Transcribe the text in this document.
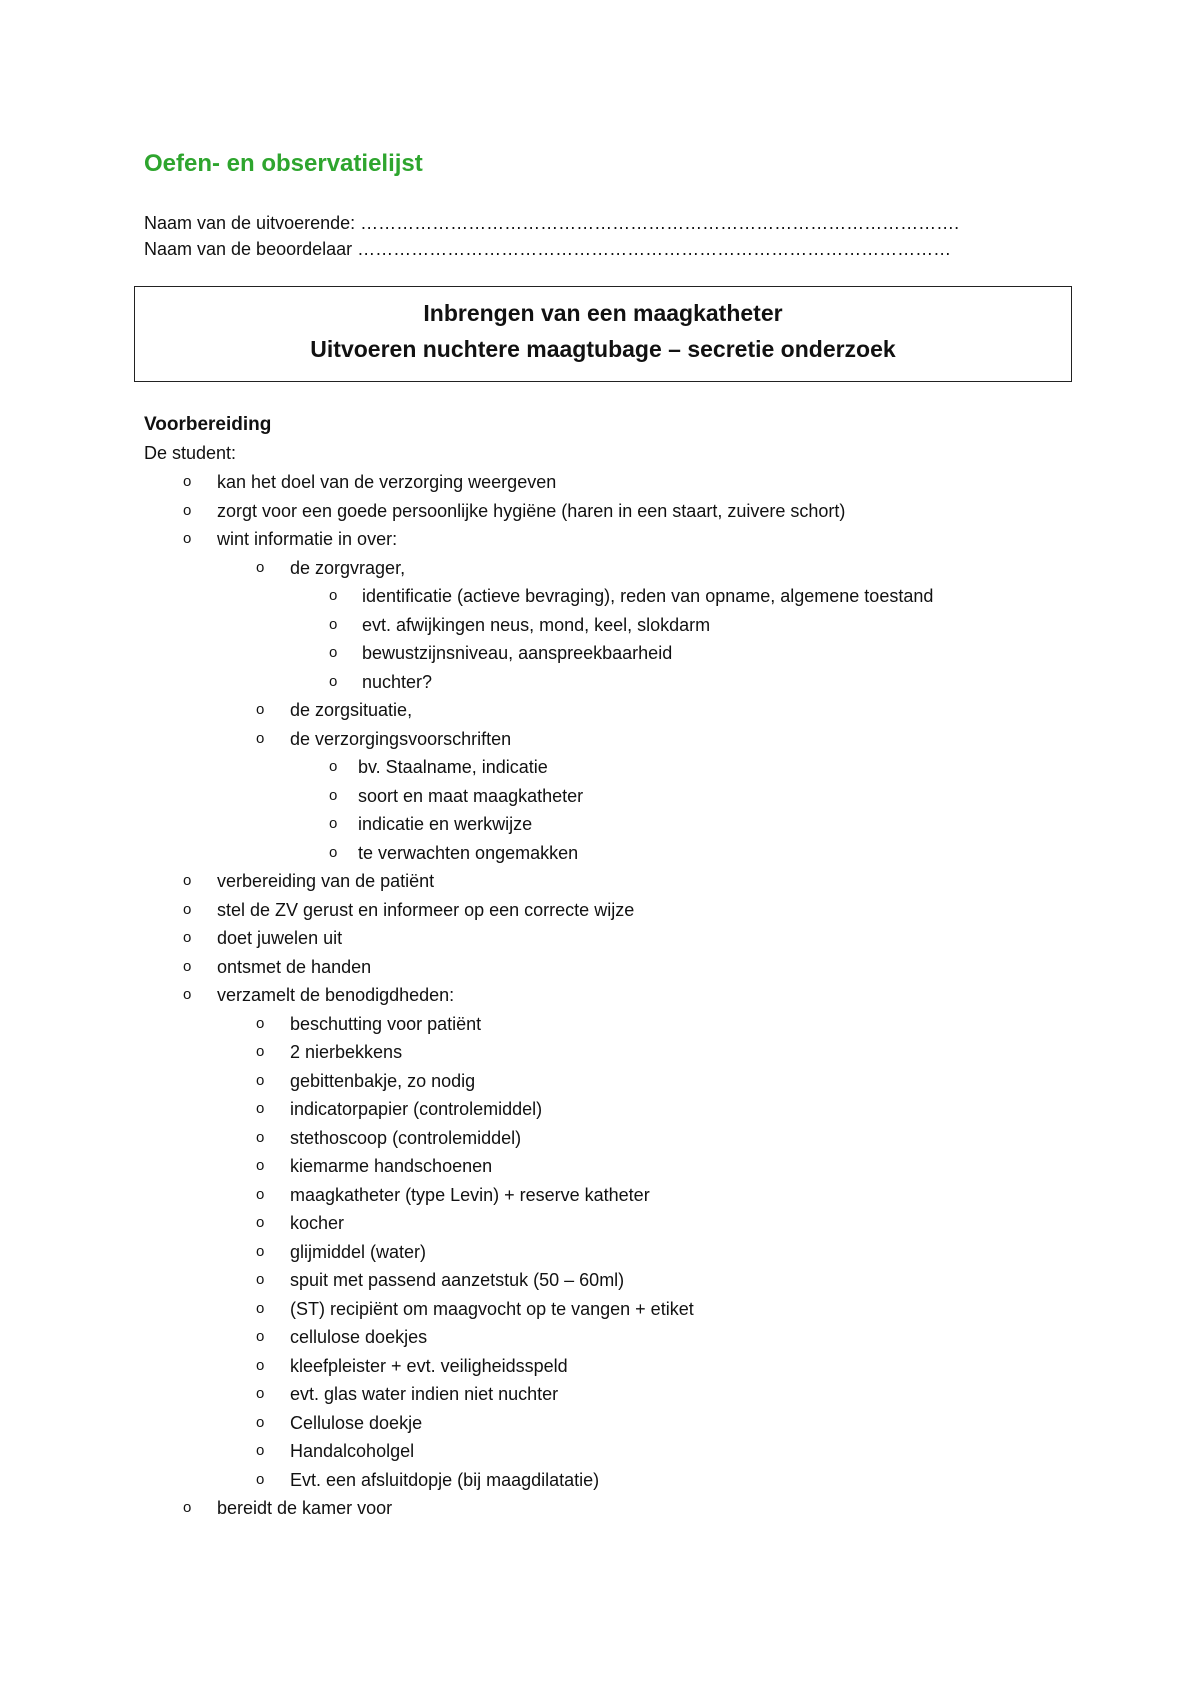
Oefen- en observatielijst
Naam van de uitvoerende: ……………………………………………………………………………………….
Naam van de beoordelaar ………………………………………………………………………………………
Inbrengen van een maagkatheter
Uitvoeren nuchtere maagtubage – secretie onderzoek
Voorbereiding
De student:
o kan het doel van de verzorging weergeven
o zorgt voor een goede persoonlijke hygiëne (haren in een staart, zuivere schort)
o wint informatie in over:
o de zorgvrager,
o identificatie (actieve bevraging), reden van opname, algemene toestand
o evt. afwijkingen neus, mond, keel, slokdarm
o bewustzijnsniveau, aanspreekbaarheid
o nuchter?
o de zorgsituatie,
o de verzorgingsvoorschriften
o bv. Staalname, indicatie
o soort en maat maagkatheter
o indicatie en werkwijze
o te verwachten ongemakken
o verbereiding van de patiënt
o stel de ZV gerust en informeer op een correcte wijze
o doet juwelen uit
o ontsmet de handen
o verzamelt de benodigdheden:
o beschutting voor patiënt
o 2 nierbekkens
o gebittenbakje, zo nodig
o indicatorpapier (controlemiddel)
o stethoscoop (controlemiddel)
o kiemarme handschoenen
o maagkatheter (type Levin) + reserve katheter
o kocher
o glijmiddel (water)
o spuit met passend aanzetstuk (50 – 60ml)
o (ST) recipiënt om maagvocht op te vangen + etiket
o cellulose doekjes
o kleefpleister + evt. veiligheidsspeld
o evt. glas water indien niet nuchter
o Cellulose doekje
o Handalcoholgel
o Evt. een afsluitdopje (bij maagdilatatie)
o bereidt de kamer voor
